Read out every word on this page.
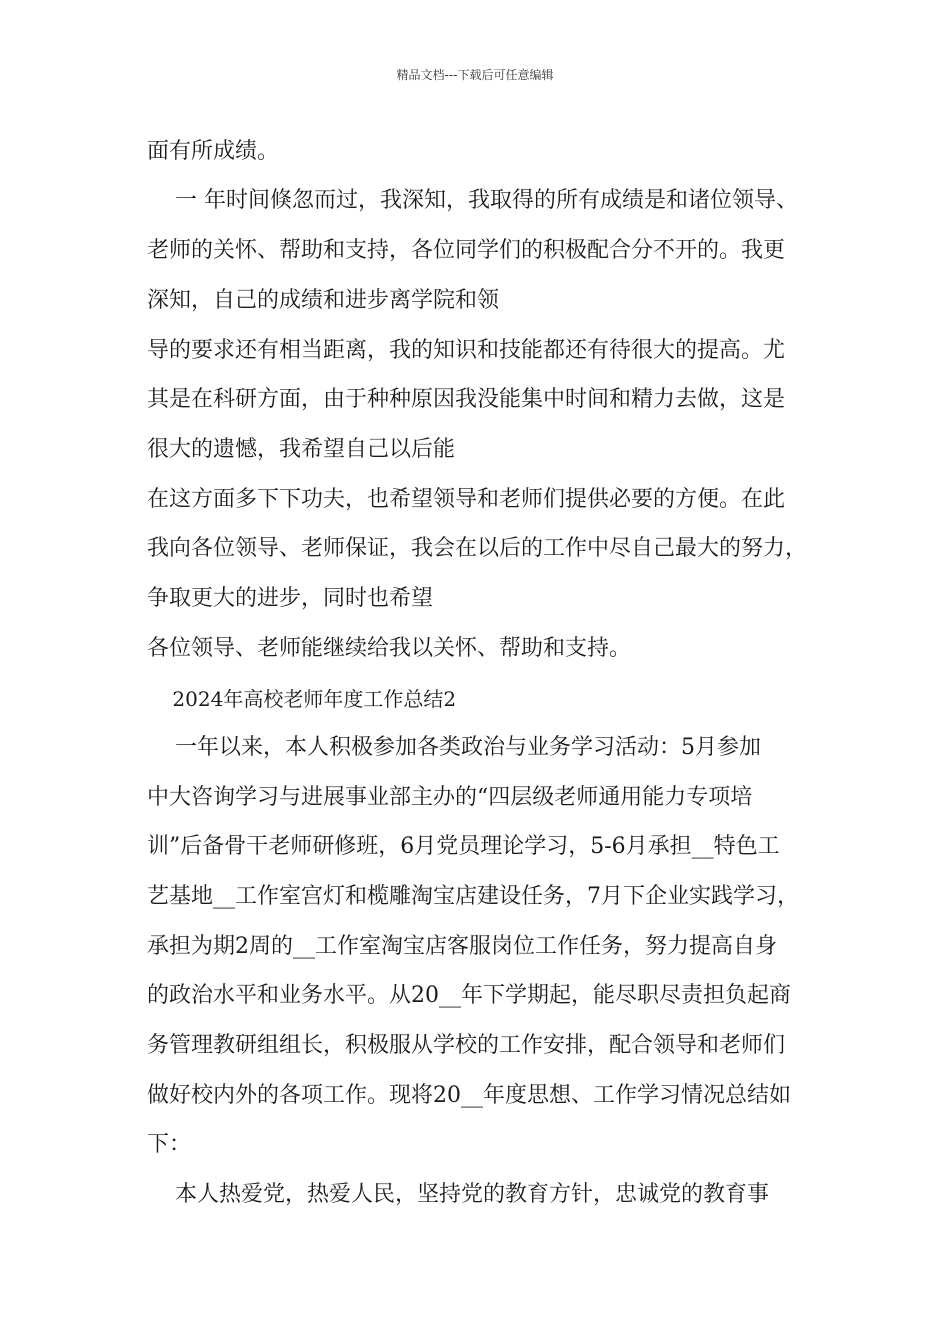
精品文档---下载后可任意编辑
面有所成绩。
一 年时间倏忽而过，我深知，我取得的所有成绩是和诸位领导、
老师的关怀、帮助和支持，各位同学们的积极配合分不开的。我更
深知，自己的成绩和进步离学院和领
导的要求还有相当距离，我的知识和技能都还有待很大的提高。尤
其是在科研方面，由于种种原因我没能集中时间和精力去做，这是
很大的遗憾，我希望自己以后能
在这方面多下下功夫，也希望领导和老师们提供必要的方便。在此
我向各位领导、老师保证，我会在以后的工作中尽自己最大的努力，
争取更大的进步，同时也希望
各位领导、老师能继续给我以关怀、帮助和支持。
2024年高校老师年度工作总结2
一年以来，本人积极参加各类政治与业务学习活动：5月参加
中大咨询学习与进展事业部主办的“四层级老师通用能力专项培
训”后备骨干老师研修班，6月党员理论学习，5-6月承担__特色工
艺基地__工作室宫灯和榄雕淘宝店建设任务，7月下企业实践学习，
承担为期2周的__工作室淘宝店客服岗位工作任务，努力提高自身
的政治水平和业务水平。从20__年下学期起，能尽职尽责担负起商
务管理教研组组长，积极服从学校的工作安排，配合领导和老师们
做好校内外的各项工作。现将20__年度思想、工作学习情况总结如
下：
本人热爱党，热爱人民，坚持党的教育方针，忠诚党的教育事
